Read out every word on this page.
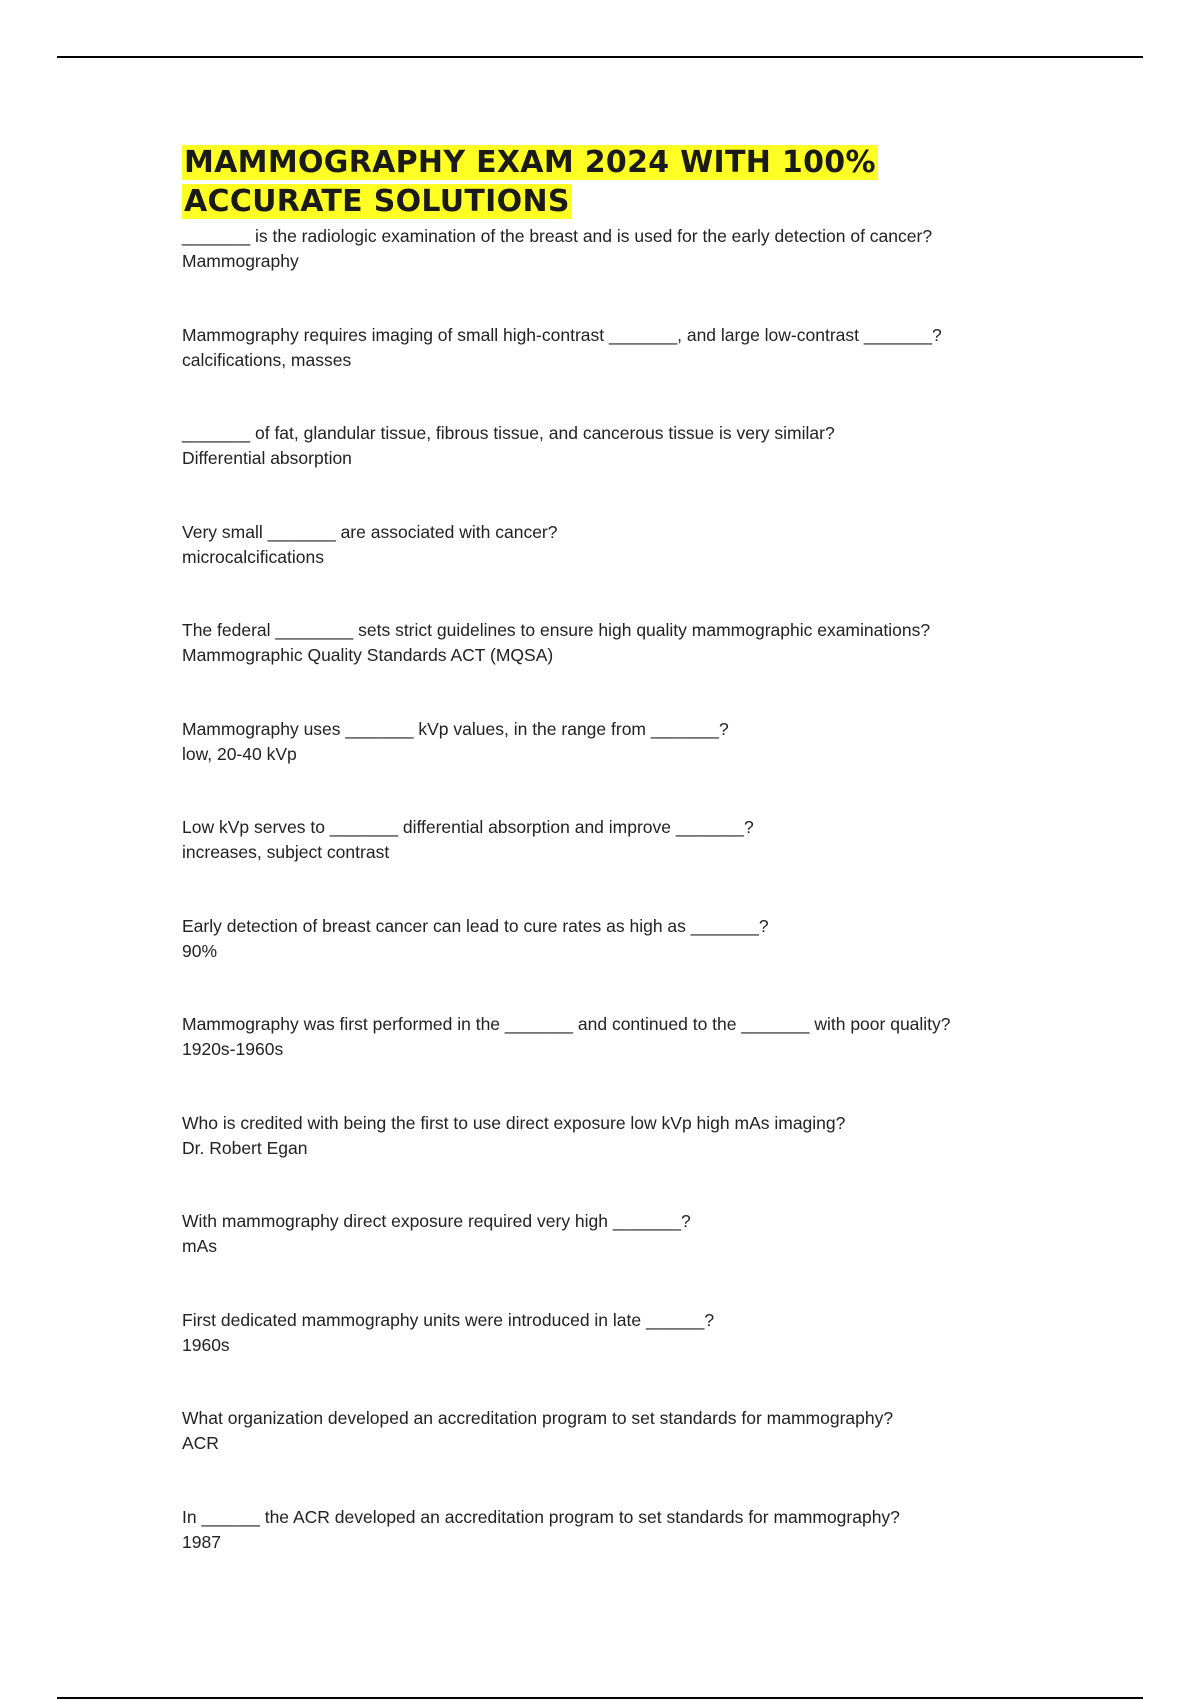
MAMMOGRAPHY EXAM 2024 WITH 100%
ACCURATE SOLUTIONS
_______ is the radiologic examination of the breast and is used for the early detection of cancer?
Mammography
Mammography requires imaging of small high-contrast _______, and large low-contrast _______?
calcifications, masses
_______ of fat, glandular tissue, fibrous tissue, and cancerous tissue is very similar?
Differential absorption
Very small _______ are associated with cancer?
microcalcifications
The federal ________ sets strict guidelines to ensure high quality mammographic examinations?
Mammographic Quality Standards ACT (MQSA)
Mammography uses _______ kVp values, in the range from _______?
low, 20-40 kVp
Low kVp serves to _______ differential absorption and improve _______?
increases, subject contrast
Early detection of breast cancer can lead to cure rates as high as _______?
90%
Mammography was first performed in the _______ and continued to the _______ with poor quality?
1920s-1960s
Who is credited with being the first to use direct exposure low kVp high mAs imaging?
Dr. Robert Egan
With mammography direct exposure required very high _______?
mAs
First dedicated mammography units were introduced in late ______?
1960s
What organization developed an accreditation program to set standards for mammography?
ACR
In ______ the ACR developed an accreditation program to set standards for mammography?
1987
